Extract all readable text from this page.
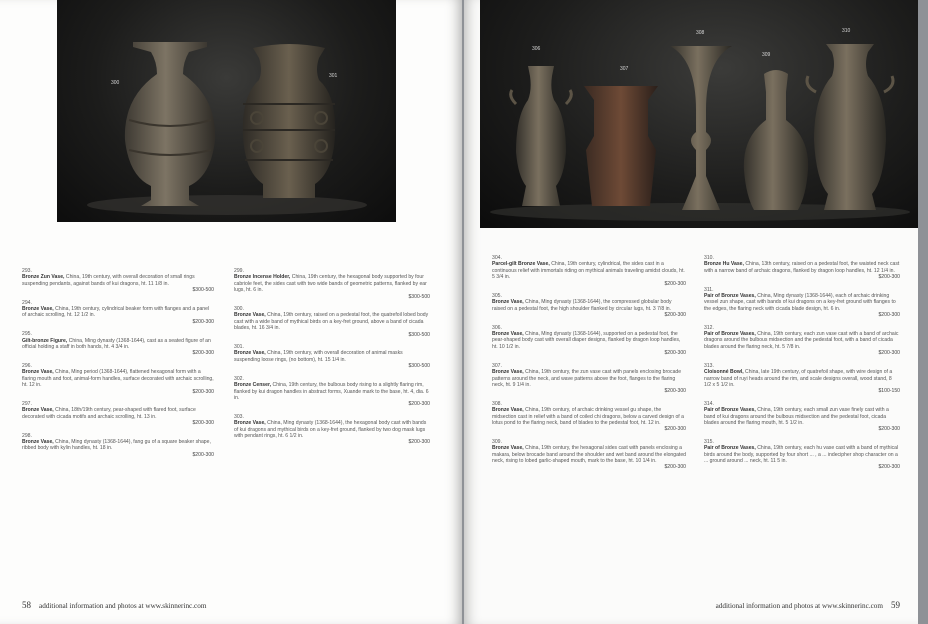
300
301
293.
Bronze Zun Vase, China, 19th century, with overall decoration of small rings suspending pendants, against bands of kui dragons, ht. 11 1/8 in.
$300-500
294.
Bronze Vase, China, 19th century, cylindrical beaker form with flanges and a panel of archaic scrolling, ht. 12 1/2 in.
$200-300
295.
Gilt-bronze Figure, China, Ming dynasty (1368-1644), cast as a seated figure of an official holding a staff in both hands, ht. 4 3/4 in.
$200-300
296.
Bronze Vase, China, Ming period (1368-1644), flattened hexagonal form with a flaring mouth and foot, animal-form handles, surface decorated with archaic scrolling, ht. 12 in.
$200-300
297.
Bronze Vase, China, 18th/19th century, pear-shaped with flared foot, surface decorated with cicada motifs and archaic scrolling, ht. 13 in.
$200-300
298.
Bronze Vase, China, Ming dynasty (1368-1644), fang gu of a square beaker shape, ribbed body with kylin handles, ht. 18 in.
$200-300
299.
Bronze Incense Holder, China, 19th century, the hexagonal body supported by four cabriole feet, the sides cast with two wide bands of geometric patterns, flanked by ear lugs, ht. 6 in.
$300-500
300.
Bronze Vase, China, 19th century, raised on a pedestal foot, the quatrefoil lobed body cast with a wide band of mythical birds on a key-fret ground, above a band of cicada blades, ht. 16 3/4 in.
$300-500
301.
Bronze Vase, China, 19th century, with overall decoration of animal masks suspending loose rings, (no bottom), ht. 15 1/4 in.
$300-500
302.
Bronze Censer, China, 19th century, the bulbous body rising to a slightly flaring rim, flanked by kui dragon handles in abstract forms, Xuande mark to the base, ht. 4, dia. 6 in.
$200-300
303.
Bronze Vase, China, Ming dynasty (1368-1644), the hexagonal body cast with bands of kui dragons and mythical birds on a key-fret ground, flanked by two dog mask lugs with pendant rings, ht. 6 1/2 in.
$200-300
58 additional information and photos at www.skinnerinc.com
306
307
308
309
310
304.
Parcel-gilt Bronze Vase, China, 19th century, cylindrical, the sides cast in a continuous relief with immortals riding on mythical animals traveling amidst clouds, ht. 5 3/4 in.
$200-300
305.
Bronze Vase, China, Ming dynasty (1368-1644), the compressed globular body raised on a pedestal foot, the high shoulder flanked by circular lugs, ht. 3 7/8 in.
$200-300
306.
Bronze Vase, China, Ming dynasty (1368-1644), supported on a pedestal foot, the pear-shaped body cast with overall diaper designs, flanked by dragon loop handles, ht. 10 1/2 in.
$200-300
307.
Bronze Vase, China, 19th century, the zun vase cast with panels enclosing brocade patterns around the neck, and wave patterns above the foot, flanges to the flaring neck, ht. 9 1/4 in.
$200-300
308.
Bronze Vase, China, 19th century, of archaic drinking vessel gu shape, the midsection cast in relief with a band of coiled chi dragons, below a carved design of a lotus pond to the flaring neck, band of blades to the pedestal foot, ht. 12 in.
$200-300
309.
Bronze Vase, China, 19th century, the hexagonal sides cast with panels enclosing a makara, below brocade band around the shoulder and wet band around the elongated neck, rising to lobed garlic-shaped mouth, mark to the base, ht. 10 1/4 in.
$200-300
310.
Bronze Hu Vase, China, 13th century, raised on a pedestal foot, the waisted neck cast with a narrow band of archaic dragons, flanked by dragon loop handles, ht. 12 1/4 in.
$200-300
311.
Pair of Bronze Vases, China, Ming dynasty (1368-1644), each of archaic drinking vessel zun shape, cast with bands of kui dragons on a key-fret ground with flanges to the edges, the flaring neck with cicada blade design, ht. 6 in.
$200-300
312.
Pair of Bronze Vases, China, 19th century, each zun vase cast with a band of archaic dragons around the bulbous midsection and the pedestal foot, with a band of cicada blades around the flaring neck, ht. 5 7/8 in.
$200-300
313.
Cloisonné Bowl, China, late 19th century, of quatrefoil shape, with wire design of a narrow band of ruyi heads around the rim, and scale designs overall, wood stand, 8 1/2 x 5 1/2 in.
$100-150
314.
Pair of Bronze Vases, China, 19th century, each small zun vase finely cast with a band of kui dragons around the bulbous midsection and the pedestal foot, cicada blades around the flaring mouth, ht. 5 1/2 in.
$200-300
315.
Pair of Bronze Vases, China, 19th century, each hu vase cast with a band of mythical birds around the body, supported by four short ... , a ... indecipher shop character on a ... ground around ... neck, ht. 11 5 in.
$200-300
additional information and photos at www.skinnerinc.com 59
